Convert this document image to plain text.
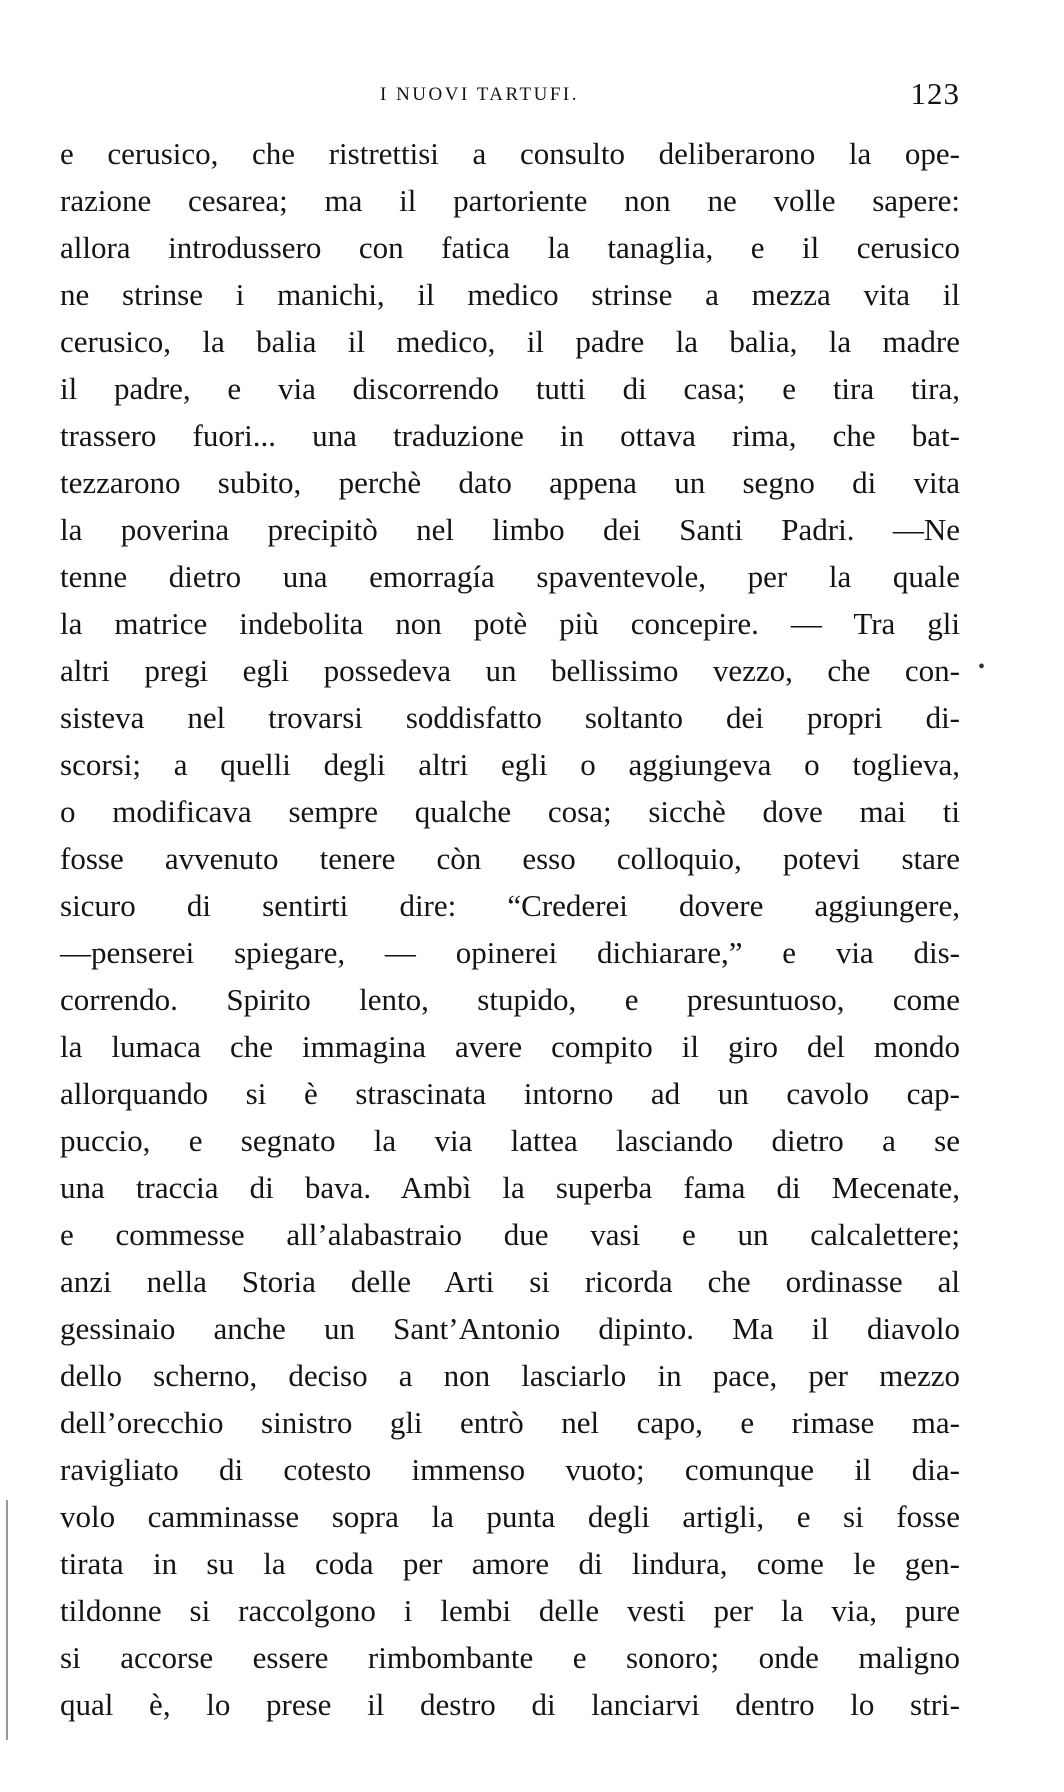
I NUOVI TARTUFI.	123
e cerusico, che ristrettisi a consulto deliberarono la ope-
razione cesarea; ma il partoriente non ne volle sapere:
allora introdussero con fatica la tanaglia, e il cerusico
ne strinse i manichi, il medico strinse a mezza vita il
cerusico, la balia il medico, il padre la balia, la madre
il padre, e via discorrendo tutti di casa; e tira tira,
trassero fuori... una traduzione in ottava rima, che bat-
tezzarono subito, perchè dato appena un segno di vita
la poverina precipitò nel limbo dei Santi Padri. —Ne
tenne dietro una emorragía spaventevole, per la quale
la matrice indebolita non potè più concepire. — Tra gli
altri pregi egli possedeva un bellissimo vezzo, che con-
sisteva nel trovarsi soddisfatto soltanto dei propri di-
scorsi; a quelli degli altri egli o aggiungeva o toglieva,
o modificava sempre qualche cosa; sicchè dove mai ti
fosse avvenuto tenere còn esso colloquio, potevi stare
sicuro di sentirti dire: “Crederei dovere aggiungere,
—penserei spiegare, — opinerei dichiarare,” e via dis-
correndo. Spirito lento, stupido, e presuntuoso, come
la lumaca che immagina avere compito il giro del mondo
allorquando si è strascinata intorno ad un cavolo cap-
puccio, e segnato la via lattea lasciando dietro a se
una traccia di bava. Ambì la superba fama di Mecenate,
e commesse all’alabastraio due vasi e un calcalettere;
anzi nella Storia delle Arti si ricorda che ordinasse al
gessinaio anche un Sant’Antonio dipinto. Ma il diavolo
dello scherno, deciso a non lasciarlo in pace, per mezzo
dell’orecchio sinistro gli entrò nel capo, e rimase ma-
ravigliato di cotesto immenso vuoto; comunque il dia-
volo camminasse sopra la punta degli artigli, e si fosse
tirata in su la coda per amore di lindura, come le gen-
tildonne si raccolgono i lembi delle vesti per la via, pure
si accorse essere rimbombante e sonoro; onde maligno
qual è, lo prese il destro di lanciarvi dentro lo stri-
•
